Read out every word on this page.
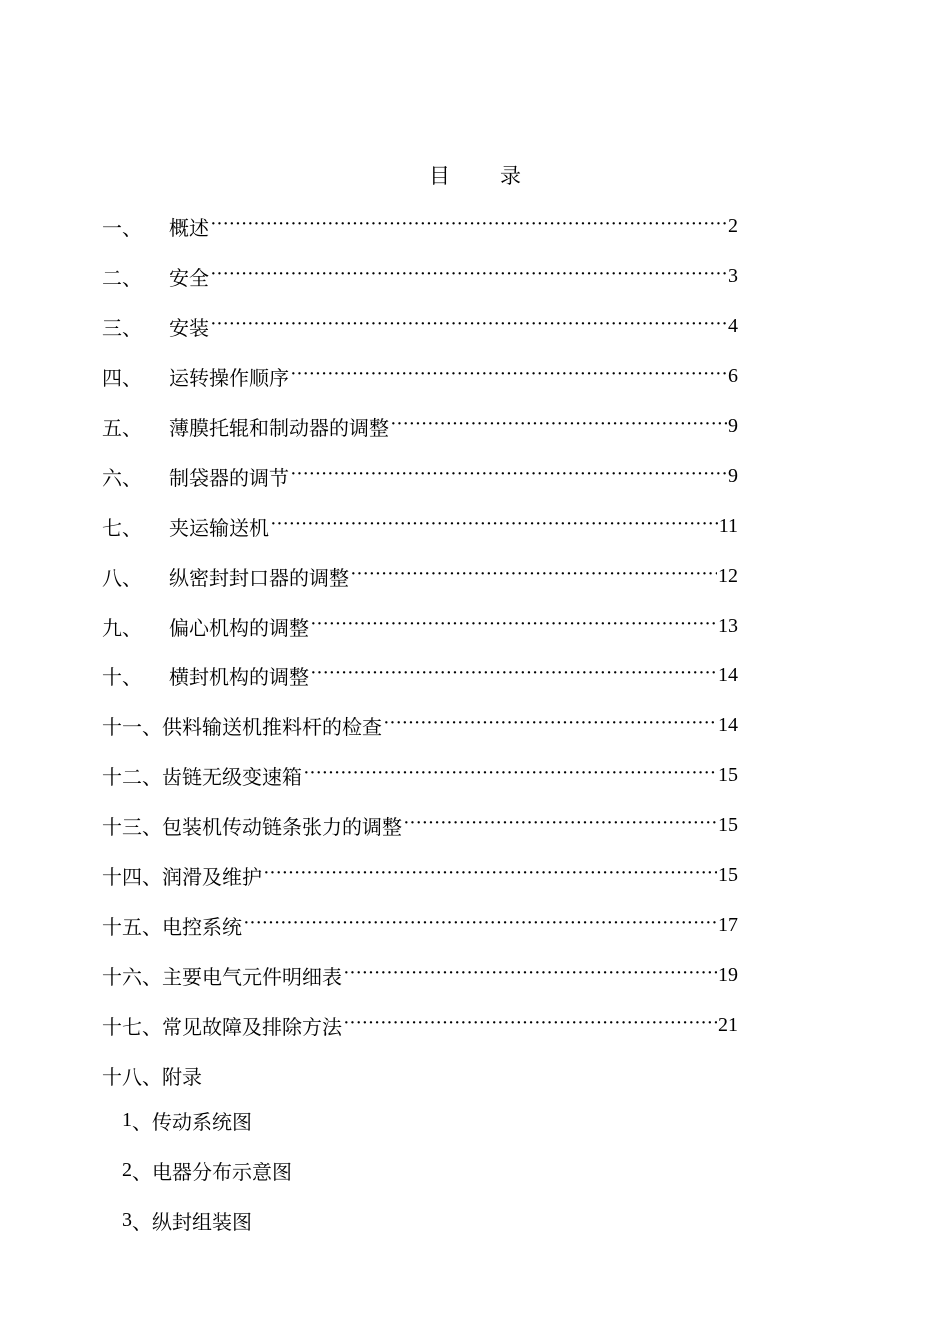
目 录
一、	概述 ·····	2
二、	安全 ·····	3
三、	安装 ·····	4
四、	运转操作顺序 ·····	6
五、	薄膜托辊和制动器的调整 ·····	9
六、	制袋器的调节 ·····	9
七、	夹运输送机 ·····	11
八、	纵密封封口器的调整 ·····	12
九、	偏心机构的调整 ·····	13
十、	横封机构的调整 ·····	14
十一、 供料输送机推料杆的检查 ·····	14
十二、 齿链无级变速箱 ·····	15
十三、 包装机传动链条张力的调整 ·····	15
十四、 润滑及维护 ·····	15
十五、 电控系统 ·····	17
十六、 主要电气元件明细表 ·····	19
十七、 常见故障及排除方法 ·····	21
十八、 附录
1 、传动系统图
2 、电器分布示意图
3 、纵封组装图
